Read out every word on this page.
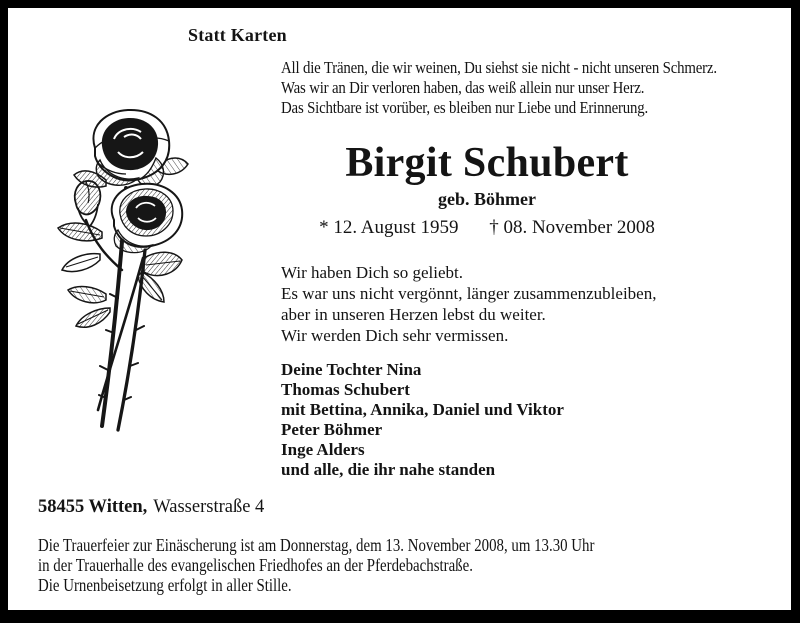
Statt Karten
All die Tränen, die wir weinen, Du siehst sie nicht - nicht unseren Schmerz.
Was wir an Dir verloren haben, das weiß allein nur unser Herz.
Das Sichtbare ist vorüber, es bleiben nur Liebe und Erinnerung.
Birgit Schubert
geb. Böhmer
* 12. August 1959 † 08. November 2008
Wir haben Dich so geliebt.
Es war uns nicht vergönnt, länger zusammenzubleiben,
aber in unseren Herzen lebst du weiter.
Wir werden Dich sehr vermissen.
Deine Tochter Nina
Thomas Schubert
mit Bettina, Annika, Daniel und Viktor
Peter Böhmer
Inge Alders
und alle, die ihr nahe standen
58455 Witten, Wasserstraße 4
Die Trauerfeier zur Einäscherung ist am Donnerstag, dem 13. November 2008, um 13.30 Uhr
in der Trauerhalle des evangelischen Friedhofes an der Pferdebachstraße.
Die Urnenbeisetzung erfolgt in aller Stille.
